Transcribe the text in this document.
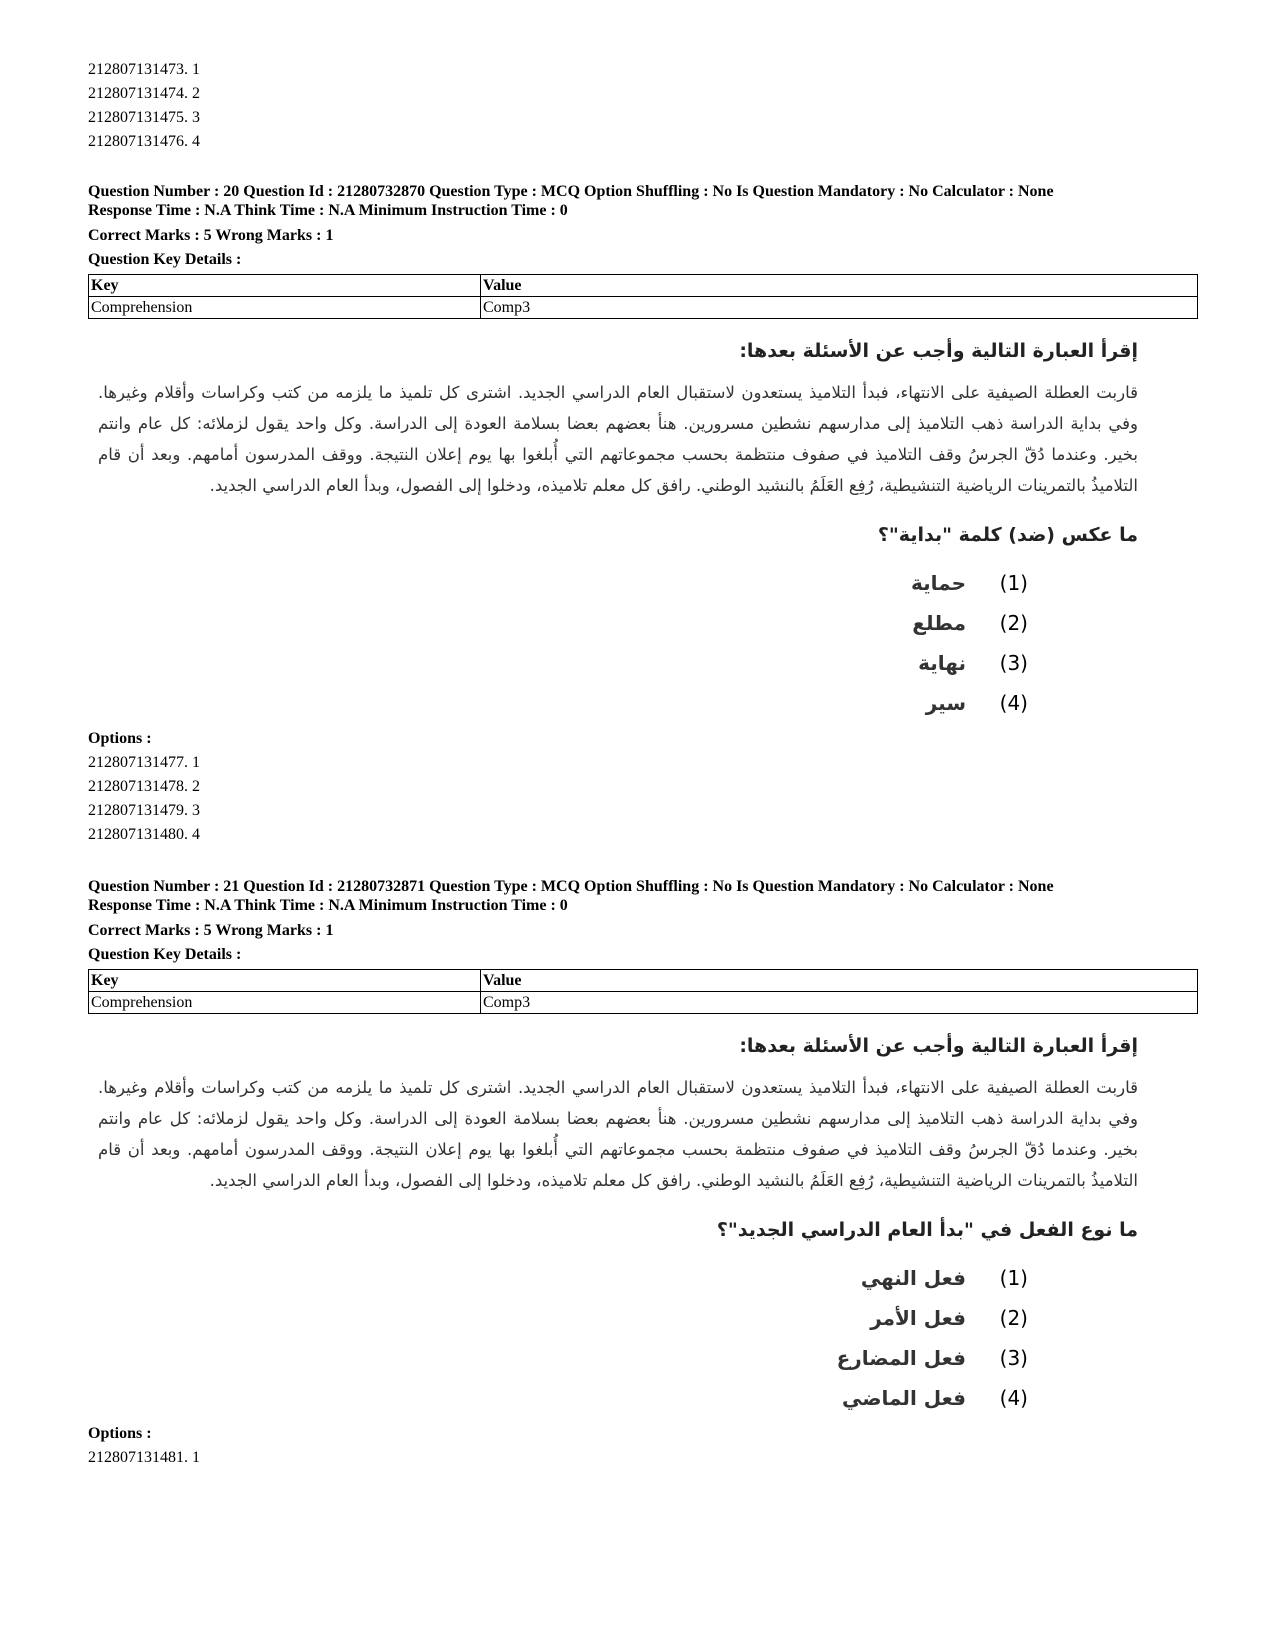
212807131473. 1
212807131474. 2
212807131475. 3
212807131476. 4
Question Number : 20 Question Id : 21280732870 Question Type : MCQ Option Shuffling : No Is Question Mandatory : No Calculator : None
Response Time : N.A Think Time : N.A Minimum Instruction Time : 0
Correct Marks : 5 Wrong Marks : 1
Question Key Details :
Key	Value
Comprehension	Comp3
إقرأ العبارة التالية وأجب عن الأسئلة بعدها:
قاربت العطلة الصيفية على الانتهاء، فبدأ التلاميذ يستعدون لاستقبال العام الدراسي الجديد. اشترى كل تلميذ ما يلزمه من كتب وكراسات وأقلام وغيرها. وفي بداية الدراسة ذهب التلاميذ إلى مدارسهم نشطين مسرورين. هنأ بعضهم بعضا بسلامة العودة إلى الدراسة. وكل واحد يقول لزملائه: كل عام وانتم بخير. وعندما دُقّ الجرسُ وقف التلاميذ في صفوف منتظمة بحسب مجموعاتهم التي أُبلغوا بها يوم إعلان النتيجة. ووقف المدرسون أمامهم. وبعد أن قام التلاميذُ بالتمرينات الرياضية التنشيطية، رُفِع العَلَمُ بالنشيد الوطني. رافق كل معلم تلاميذه، ودخلوا إلى الفصول، وبدأ العام الدراسي الجديد.
ما عكس (ضد) كلمة "بداية"؟
(1)
حماية
(2)
مطلع
(3)
نهاية
(4)
سير
Options :
212807131477. 1
212807131478. 2
212807131479. 3
212807131480. 4
Question Number : 21 Question Id : 21280732871 Question Type : MCQ Option Shuffling : No Is Question Mandatory : No Calculator : None
Response Time : N.A Think Time : N.A Minimum Instruction Time : 0
Correct Marks : 5 Wrong Marks : 1
Question Key Details :
Key	Value
Comprehension	Comp3
إقرأ العبارة التالية وأجب عن الأسئلة بعدها:
قاربت العطلة الصيفية على الانتهاء، فبدأ التلاميذ يستعدون لاستقبال العام الدراسي الجديد. اشترى كل تلميذ ما يلزمه من كتب وكراسات وأقلام وغيرها. وفي بداية الدراسة ذهب التلاميذ إلى مدارسهم نشطين مسرورين. هنأ بعضهم بعضا بسلامة العودة إلى الدراسة. وكل واحد يقول لزملائه: كل عام وانتم بخير. وعندما دُقّ الجرسُ وقف التلاميذ في صفوف منتظمة بحسب مجموعاتهم التي أُبلغوا بها يوم إعلان النتيجة. ووقف المدرسون أمامهم. وبعد أن قام التلاميذُ بالتمرينات الرياضية التنشيطية، رُفِع العَلَمُ بالنشيد الوطني. رافق كل معلم تلاميذه، ودخلوا إلى الفصول، وبدأ العام الدراسي الجديد.
ما نوع الفعل في "بدأ العام الدراسي الجديد"؟
(1)
فعل النهي
(2)
فعل الأمر
(3)
فعل المضارع
(4)
فعل الماضي
Options :
212807131481. 1
